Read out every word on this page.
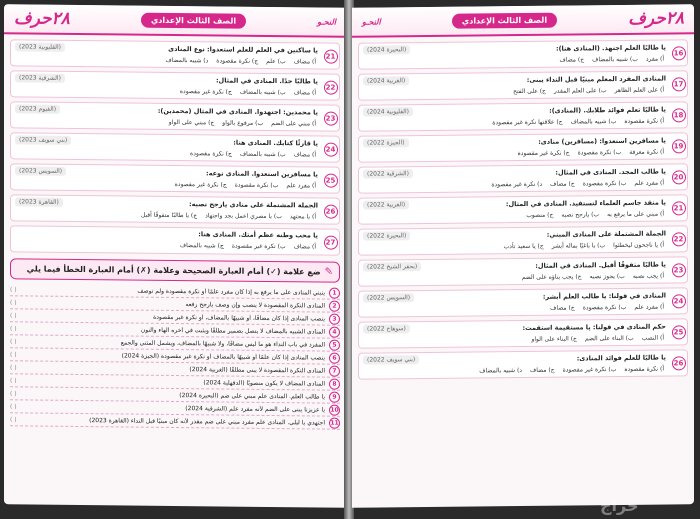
النحـو
الصف الثالث الإعدادي
٢٨حرف
21
يا ساكنين في العلم للعلم استعدوا: نوع المنادى
(القليوبية 2023)
أ) مضاف
ب) علم
ج) نكرة مقصودة
د) شبيه بالمضاف
22
يا طالبًا جدًا. المنادى في المثال:
(الشرقية 2023)
أ) مضاف
ب) شبيه بالمضاف
ج) نكرة غير مقصودة
23
يا محمدين: اجتهدوا. المنادى في المثال (محمدين):
(الفيوم 2023)
أ) مبني على الضم
ب) مرفوع بالواو
ج) مبني على الواو
24
يا قارئًا كتابك. المنادى هنا:
(بني سويف 2023)
أ) مضاف
ب) شبيه بالمضاف
ج) نكرة مقصودة
25
يا مسافرين استعدوا. المنادى نوعه:
(السويس 2023)
أ) مفرد علم
ب) نكرة مقصودة
ج) نكرة غير مقصودة
26
الجملة المشتملة على منادى يارجح نصبه:
(القاهرة 2023)
أ) يا مجتهد
ب) يا مصري اعمل بجد واجتهاد
ج) يا طالبًا متفوقًا أقبل
27
يا محب وطنه عظم أمتك. المنادى هنا:
أ) مضاف
ب) نكرة غير مقصودة
ج) شبيه بالمضاف
✎
ضع علامة (✓) أمام العبارة الصحيحة وعلامة (✗) أمام العبارة الخطأ فيما يلي
1
ينبني المنادى على ما يرفع به إذا كان مفرد علمًا أو نكرة مقصودة ولم توصف
( )
2
المنادى النكرة المقصودة لا ينصب وإن وصف يارجح رفعه
( )
3
ينصب المنادى إذا كان مضافًا، أو شبيهًا بالمضاف، أو نكرة غير مقصودة
( )
4
المنادى الشبيه بالمضاف لا يتصل بضمير مطلقًا ويثبت في آخره الهاء والنون
( )
5
المفرد في باب النداء هو ما ليس مضافًا، ولا شبيهًا بالمضاف، ويشمل المثنى والجمع
( )
6
ينصب المنادى إذا كان علمًا أو شبيهًا بالمضاف أو نكرة غير مقصودة (الجيزة 2024)
( )
7
المنادى النكرة المقصودة لا يبنى مطلقًا (الغربية 2024)
( )
8
المنادى المضاف لا يكون منصوبًا (الدقهلية 2024)
( )
9
يا طالب العلم. المنادى علم مبني على ضم (البحيرة 2024)
( )
10
يا عزيزنا يبنى على الضم لأنه مفرد علم (الشرقية 2024)
( )
11
اجتهدي يا ليلى. المنادى علم مفرد مبني على ضم مقدر لأنه كان مبنيًا قبل النداء (القاهرة 2023)
( )
٢٨حرف
الصف الثالث الإعدادي
النحـو
16
يا طالبًا العلم اجتهد. (المنادى هنا):
(البحيرة 2024)
أ) مفرد
ب) شبيه بالمضاف
ج) مضاف
17
المنادى المفرد المعلم مبنيًا قبل النداء يبنى:
(الغربية 2024)
أ) على العلم الظاهر
ب) على العلم المقدر
ج) على الفتح
18
يا طالبًا تعلم فوائد طلابك. (المنادى):
(القليوبية 2024)
أ) نكرة مقصودة
ب) شبيه بالمضاف
ج) علاقتها نكرة غير مقصودة
19
يا مسافرين استعدوا: (مسافرين) منادى:
(الجيزة 2022)
أ) نكرة معرفة
ب) نكرة مقصودة
ج) نكرة غير مقصودة
20
يا طالب المجد. المنادى في المثال:
(الشرقية 2022)
أ) مفرد علم
ب) نكرة مقصودة
ج) مضاف
د) نكرة غير مقصودة
21
يا منقذ جاسم العلماء لتستفيد. المنادى في المثال:
(الغربية 2022)
أ) مبني على ما يرفع به
ب) يارجح نصبه
ج) منصوب
22
الجملة المشتملة على المنادى المبني:
(البحيرة 2022)
أ) يا ناجحون ليخطئوا
ب) يا باغيًا بماله أبشر
ج) يا سعيد تأدب
23
يا طالبًا متفوقًا أقبل. المنادى في المثال:
(بحقر الشيخ 2022)
أ) يجب نصبه
ب) يجوز نصبه
ج) يجب بناؤه على الضم
24
المنادى في قولنا: يا طالب العلم أبشر:
(السويس 2022)
أ) مفرد علم
ب) نكرة مقصودة
ج) مضاف
25
حكم المنادى في قولنا: يا مستقيمة استقمت:
(سوهاج 2022)
أ) النصب
ب) البناء على الضم
ج) البناء على الواو
26
يا طالبًا للعلم فوائد المنادى:
(بني سويف 2022)
أ) نكرة مقصودة
ب) نكرة غير مقصودة
ج) مضاف
د) شبيه بالمضاف
حراج
